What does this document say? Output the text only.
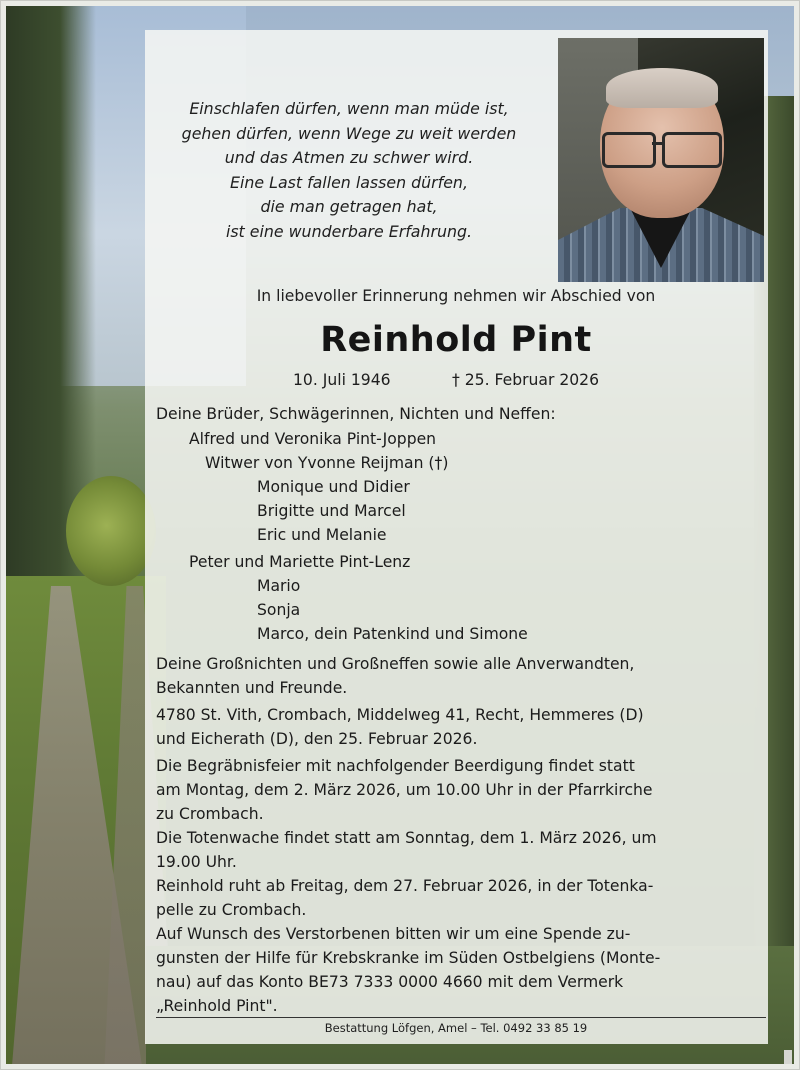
Einschlafen dürfen, wenn man müde ist,
gehen dürfen, wenn Wege zu weit werden
und das Atmen zu schwer wird.
Eine Last fallen lassen dürfen,
die man getragen hat,
ist eine wunderbare Erfahrung.
In liebevoller Erinnerung nehmen wir Abschied von
Reinhold Pint
10. Juli 1946	† 25. Februar 2026
Deine Brüder, Schwägerinnen, Nichten und Neffen:
Alfred und Veronika Pint-Joppen
Witwer von Yvonne Reijman (†)
Monique und Didier
Brigitte und Marcel
Eric und Melanie
Peter und Mariette Pint-Lenz
Mario
Sonja
Marco, dein Patenkind und Simone
Deine Großnichten und Großneffen sowie alle Anverwandten,
Bekannten und Freunde.
4780 St. Vith, Crombach, Middelweg 41, Recht, Hemmeres (D)
und Eicherath (D), den 25. Februar 2026.
Die Begräbnisfeier mit nachfolgender Beerdigung findet statt
am Montag, dem 2. März 2026, um 10.00 Uhr in der Pfarrkirche
zu Crombach.
Die Totenwache findet statt am Sonntag, dem 1. März 2026, um
19.00 Uhr.
Reinhold ruht ab Freitag, dem 27. Februar 2026, in der Totenka-
pelle zu Crombach.
Auf Wunsch des Verstorbenen bitten wir um eine Spende zu-
gunsten der Hilfe für Krebskranke im Süden Ostbelgiens (Monte-
nau) auf das Konto BE73 7333 0000 4660 mit dem Vermerk
„Reinhold Pint".
Bestattung Löfgen, Amel – Tel. 0492 33 85 19
